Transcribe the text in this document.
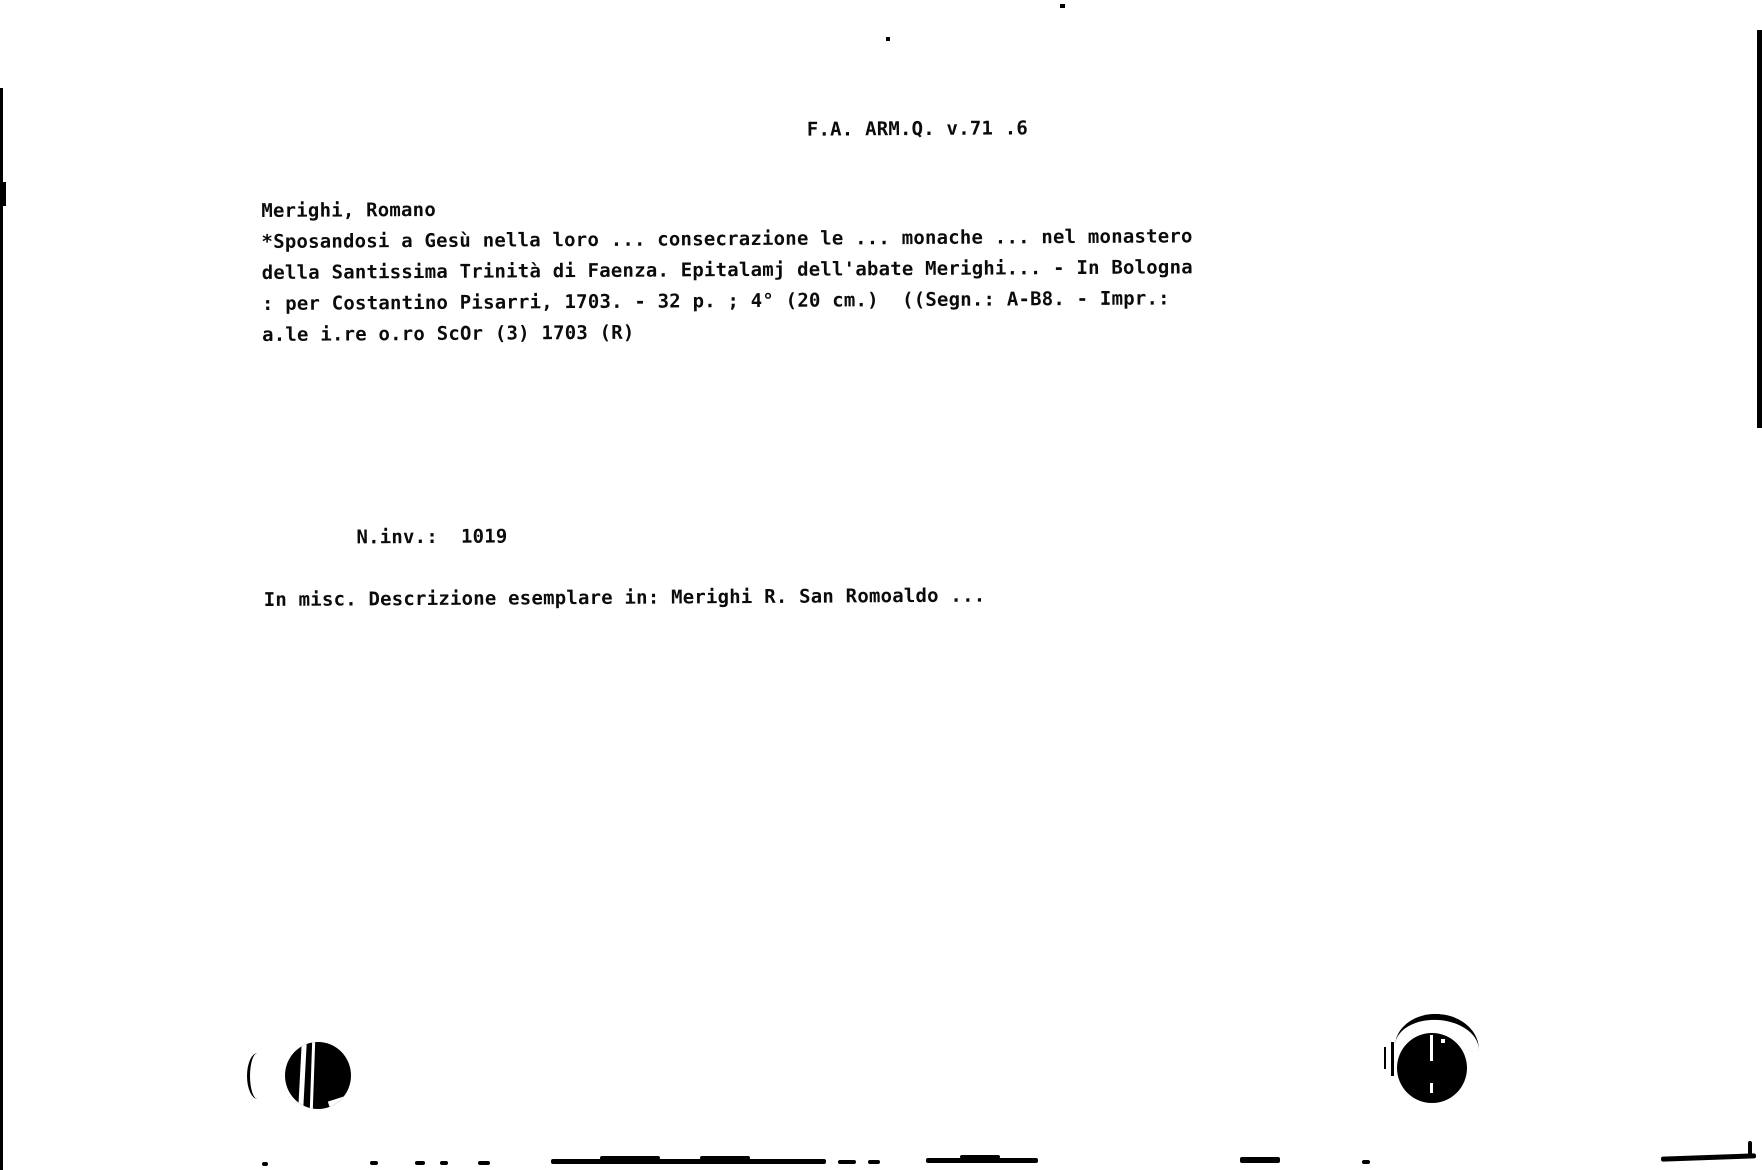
F.A. ARM.Q. v.71 .6
Merighi, Romano
*Sposandosi a Gesù nella loro ... consecrazione le ... monache ... nel monastero
della Santissima Trinità di Faenza. Epitalamj dell'abate Merighi... - In Bologna
: per Costantino Pisarri, 1703. - 32 p. ; 4° (20 cm.)  ((Segn.: A-B8. - Impr.:
a.le i.re o.ro ScOr (3) 1703 (R)

N.inv.: 1019

In misc. Descrizione esemplare in: Merighi R. San Romoaldo ...
